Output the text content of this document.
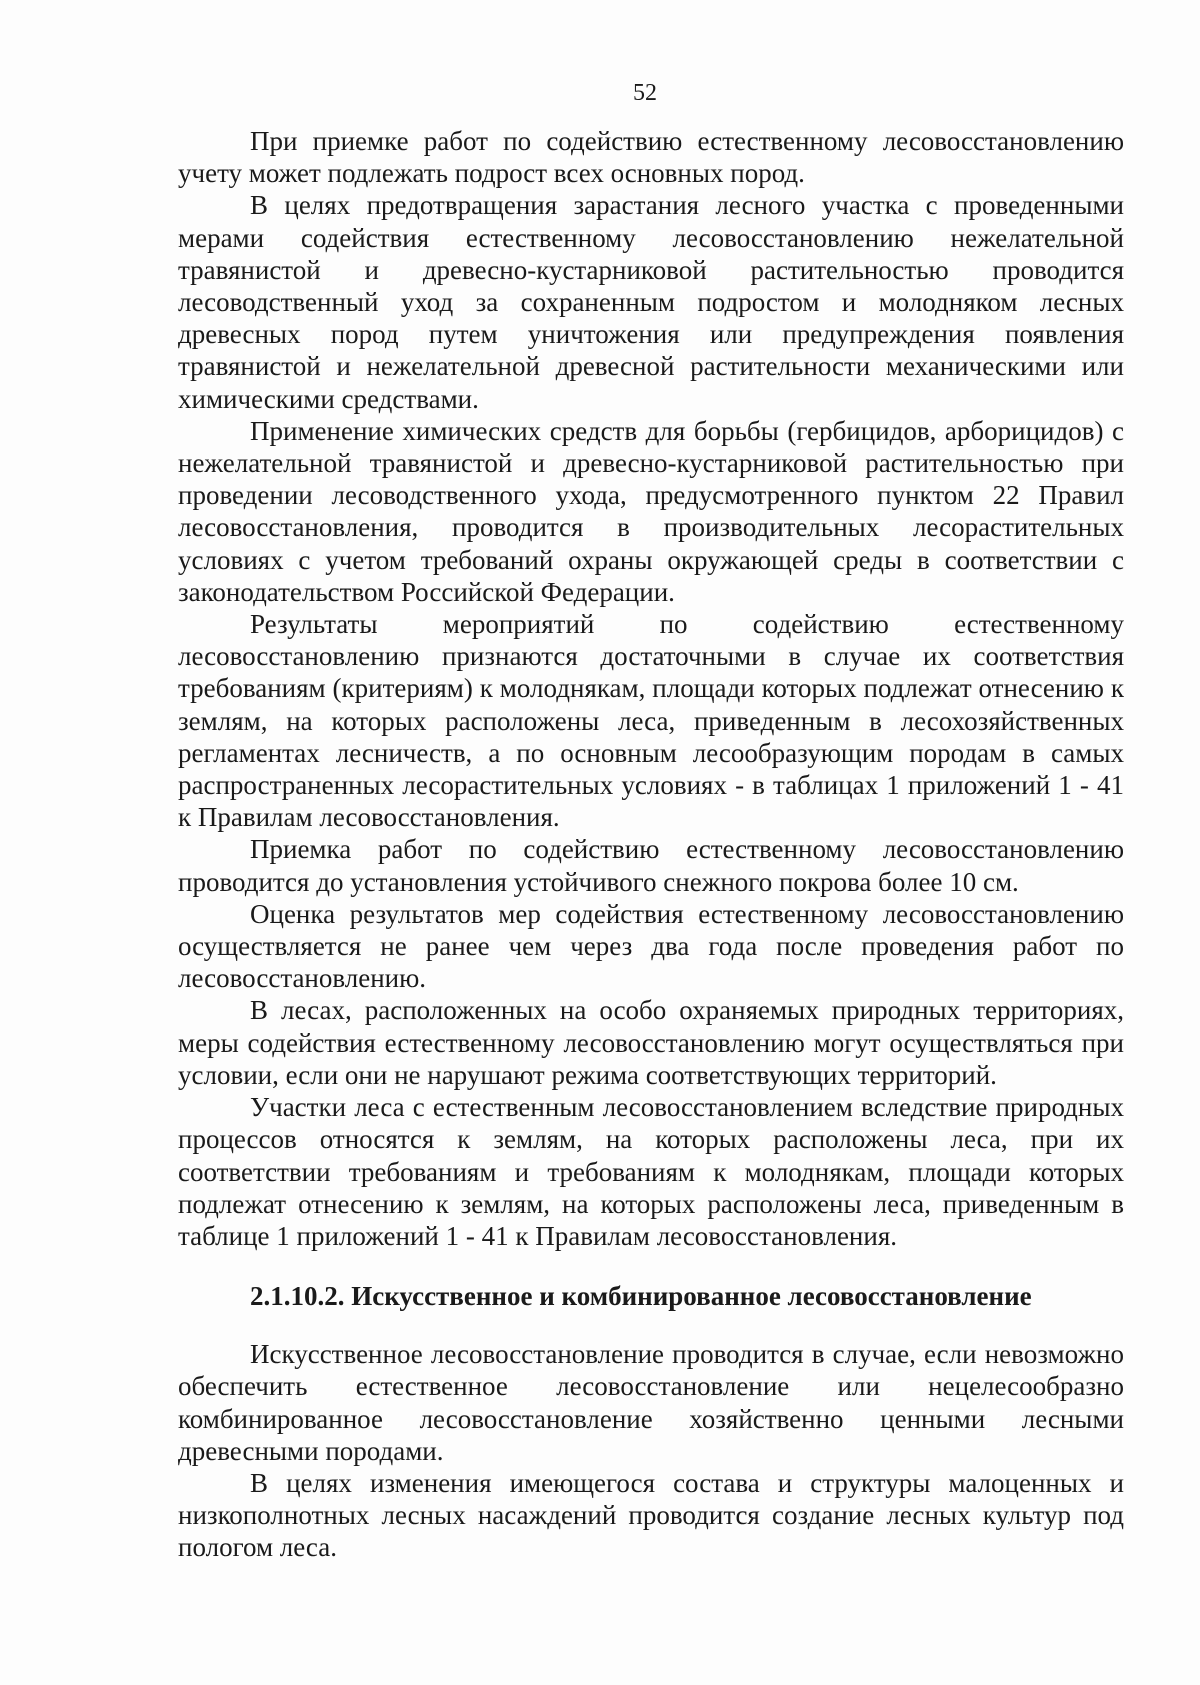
52

При приемке работ по содействию естественному лесовосстановлению учету может подлежать подрост всех основных пород.

В целях предотвращения зарастания лесного участка с проведенными мерами содействия естественному лесовосстановлению нежелательной травянистой и древесно-кустарниковой растительностью проводится лесоводственный уход за сохраненным подростом и молодняком лесных древесных пород путем уничтожения или предупреждения появления травянистой и нежелательной древесной растительности механическими или химическими средствами.

Применение химических средств для борьбы (гербицидов, арборицидов) с нежелательной травянистой и древесно-кустарниковой растительностью при проведении лесоводственного ухода, предусмотренного пунктом 22 Правил лесовосстановления, проводится в производительных лесорастительных условиях с учетом требований охраны окружающей среды в соответствии с законодательством Российской Федерации.

Результаты мероприятий по содействию естественному лесовосстановлению признаются достаточными в случае их соответствия требованиям (критериям) к молоднякам, площади которых подлежат отнесению к землям, на которых расположены леса, приведенным в лесохозяйственных регламентах лесничеств, а по основным лесообразующим породам в самых распространенных лесорастительных условиях - в таблицах 1 приложений 1 - 41 к Правилам лесовосстановления.

Приемка работ по содействию естественному лесовосстановлению проводится до установления устойчивого снежного покрова более 10 см.

Оценка результатов мер содействия естественному лесовосстановлению осуществляется не ранее чем через два года после проведения работ по лесовосстановлению.

В лесах, расположенных на особо охраняемых природных территориях, меры содействия естественному лесовосстановлению могут осуществляться при условии, если они не нарушают режима соответствующих территорий.

Участки леса с естественным лесовосстановлением вследствие природных процессов относятся к землям, на которых расположены леса, при их соответствии требованиям и требованиям к молоднякам, площади которых подлежат отнесению к землям, на которых расположены леса, приведенным в таблице 1 приложений 1 - 41 к Правилам лесовосстановления.

2.1.10.2. Искусственное и комбинированное лесовосстановление

Искусственное лесовосстановление проводится в случае, если невозможно обеспечить естественное лесовосстановление или нецелесообразно комбинированное лесовосстановление хозяйственно ценными лесными древесными породами.

В целях изменения имеющегося состава и структуры малоценных и низкополнотных лесных насаждений проводится создание лесных культур под пологом леса.
